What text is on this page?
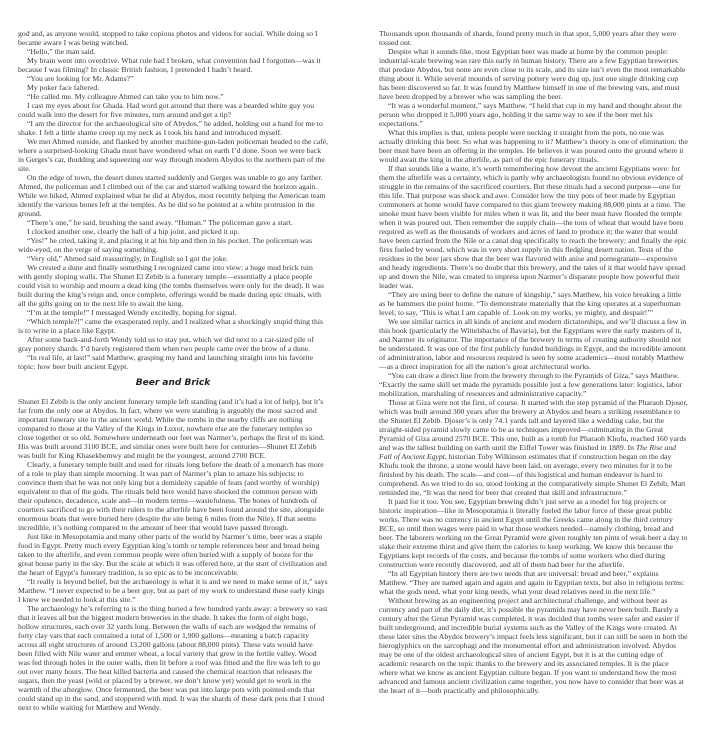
god and, as anyone would, stopped to take copious photos and videos for social. While doing so I became aware I was being watched.

“Hello,” the man said.

My brain went into overdrive. What rule had I broken, what convention had I forgotten—was it because I was filming? In classic British fashion, I pretended I hadn’t heard.

“You are looking for Mr. Adams?”

My poker face faltered.

“He called me. My colleague Ahmed can take you to him now.”

I cast my eyes about for Ghada. Had word got around that there was a bearded white guy you could walk into the desert for five minutes, turn around and get a tip?

“I am the director for the archaeological site of Abydos,” he added, holding out a hand for me to shake. I felt a little shame creep up my neck as I took his hand and introduced myself.

We met Ahmed outside, and flanked by another machine-gun-laden policeman headed to the café, where a surprised-looking Ghada must have wondered what on earth I’d done. Soon we were back in Gerges’s car, thudding and squeezing our way through modern Abydos to the northern part of the site.

On the edge of town, the desert dunes started suddenly and Gerges was unable to go any farther. Ahmed, the policeman and I climbed out of the car and started walking toward the horizon again. While we hiked, Ahmed explained what he did at Abydos, most recently helping the American team identify the various bones left at the temples. As he did so he pointed at a white protrusion in the ground.

“There’s one,” he said, brushing the sand away. “Human.” The policeman gave a start.

I clocked another one, clearly the ball of a hip joint, and picked it up.

“Yes!” he cried, taking it, and placing it at his hip and then in his pocket. The policeman was wide-eyed, on the verge of saying something.

“Very old,” Ahmed said reassuringly, in English so I got the joke.

We crested a dune and finally something I recognized came into view: a huge mud brick ruin with gently sloping walls. The Shunet El Zebib is a funerary temple—essentially a place people could visit to worship and mourn a dead king (the tombs themselves were only for the dead). It was built during the king’s reign and, once complete, offerings would be made during epic rituals, with all the gifts going on to the next life to await the king.

“I’m at the temple!” I messaged Wendy excitedly, hoping for signal.

“Which temple?!” came the exasperated reply, and I realized what a shockingly stupid thing this is to write in a place like Egypt.

After some back-and-forth Wendy told us to stay put, which we did next to a car-sized pile of gray pottery shards. I’d barely registered them when two people came over the brow of a dune.

“In real life, at last!” said Matthew, grasping my hand and launching straight into his favorite topic: how beer built ancient Egypt.

Beer and Brick

Shunet El Zebib is the only ancient funerary temple left standing (and it’s had a lot of help), but it’s far from the only one at Abydos. In fact, where we were standing is arguably the most sacred and important funerary site in the ancient world. While the tombs in the nearby cliffs are nothing compared to those at the Valley of the Kings in Luxor, nowhere else are the funerary temples so close together or so old. Somewhere underneath our feet was Narmer’s, perhaps the first of its kind. His was built around 3100 BCE, and similar ones were built here for centuries—Shunet El Zebib was built for King Khasekhemwy and might be the youngest, around 2700 BCE.

Clearly, a funerary temple built and used for rituals long before the death of a monarch has more of a role to play than simple mourning. It was part of Narmer’s plan to amaze his subjects; to convince them that he was not only king but a demideity capable of feats (and worthy of worship) equivalent to that of the gods. The rituals held here would have shocked the common person with their opulence, decadence, scale and—in modern terms—wastefulness. The bones of hundreds of courtiers sacrificed to go with their rulers to the afterlife have been found around the site, alongside enormous boats that were buried here (despite the site being 6 miles from the Nile). If that seems incredible, it’s nothing compared to the amount of beer that would have passed through.

Just like in Mesopotamia and many other parts of the world by Narmer’s time, beer was a staple food in Egypt. Pretty much every Egyptian king’s tomb or temple references beer and bread being taken to the afterlife, and even common people were often buried with a supply of booze for the great house party in the sky. But the scale at which it was offered here, at the start of civilization and the heart of Egypt’s funerary tradition, is so epic as to be inconceivable.

“It really is beyond belief, but the archaeology is what it is and we need to make sense of it,” says Matthew. “I never expected to be a beer guy, but as part of my work to understand these early kings I knew we needed to look at this site.”

The archaeology he’s referring to is the thing buried a few hundred yards away: a brewery so vast that it leaves all but the biggest modern breweries in the shade. It takes the form of eight huge, hollow structures, each over 32 yards long. Between the walls of each are wedged the remains of forty clay vats that each contained a total of 1,500 or 1,900 gallons—meaning a batch capacity across all eight structures of around 13,200 gallons (about 88,000 pints). These vats would have been filled with Nile water and emmer wheat, a local variety that grew in the fertile valley. Wood was fed through holes in the outer walls, then lit before a roof was fitted and the fire was left to go out over many hours. The heat killed bacteria and caused the chemical reaction that releases the sugars, then the yeast (wild or placed by a brewer, we don’t know yet) would get to work in the warmth of the afterglow. Once fermented, the beer was put into large pots with pointed ends that could stand up in the sand, and stoppered with mud. It was the shards of these dark pots that I stood next to while waiting for Matthew and Wendy.

Thousands upon thousands of shards, found pretty much in that spot, 5,000 years after they were tossed out.

Despite what it sounds like, most Egyptian beer was made at home by the common people: industrial-scale brewing was rare this early in human history. There are a few Egyptian breweries that predate Abydos, but none are even close to its scale, and its size isn’t even the most remarkable thing about it. While several mounds of serving pottery were dug up, just one single drinking cup has been discovered so far. It was found by Matthew himself in one of the brewing vats, and must have been dropped by a brewer who was sampling the beer.

“It was a wonderful moment,” says Matthew. “I held that cup in my hand and thought about the person who dropped it 5,000 years ago, holding it the same way to see if the beer met his expectations.”

What this implies is that, unless people were necking it straight from the pots, no one was actually drinking this beer. So what was happening to it? Matthew’s theory is one of elimination: the beer must have been an offering in the temples. He believes it was poured onto the ground where it would await the king in the afterlife, as part of the epic funerary rituals.

If that sounds like a waste, it’s worth remembering how devout the ancient Egyptians were: for them the afterlife was a certainty, which is partly why archaeologists found no obvious evidence of struggle in the remains of the sacrificed courtiers. But these rituals had a second purpose—one for this life. That purpose was shock and awe. Consider how the tiny pots of beer made by Egyptian commoners at home would have compared to this giant brewery making 88,000 pints at a time. The smoke must have been visible for miles when it was lit, and the beer must have flooded the temple when it was poured out. Then remember the supply chain—the tons of wheat that would have been required as well as the thousands of workers and acres of land to produce it; the water that would have been carried from the Nile or a canal dug specifically to reach the brewery; and finally the epic fires fueled by wood, which was in very short supply in this fledgling desert nation. Tests of the residues in the beer jars show that the beer was flavored with anise and pomegranate—expensive and heady ingredients. There’s no doubt that this brewery, and the tales of it that would have spread up and down the Nile, was created to impress upon Narmer’s disparate people how powerful their leader was.

“They are using beer to define the nature of kingship,” says Matthew, his voice breaking a little as he hammers the point home. “To demonstrate materially that the king operates at a superhuman level; to say, ‘This is what I am capable of. Look on my works, ye mighty, and despair!’”

We see similar tactics in all kinds of ancient and modern dictatorships, and we’ll discuss a few in this book (particularly the Wittelsbachs of Bavaria), but the Egyptians were the early masters of it, and Narmer its originator. The importance of the brewery in terms of creating authority should not be understated. It was one of the first publicly funded buildings in Egypt, and the incredible amount of administration, labor and resources required is seen by some academics—most notably Matthew—as a direct inspiration for all the nation’s great architectural works.

“You can draw a direct line from the brewery through to the Pyramids of Giza,” says Matthew. “Exactly the same skill set made the pyramids possible just a few generations later: logistics, labor mobilization, marshaling of resources and administrative capacity.”

Those at Giza were not the first, of course. It started with the step pyramid of the Pharaoh Djoser, which was built around 300 years after the brewery at Abydos and bears a striking resemblance to the Shunet El Zebib. Djoser’s is only 74.1 yards tall and layered like a wedding cake, but the straight-sided pyramid slowly came to be as techniques improved—culminating in the Great Pyramid of Giza around 2570 BCE. This one, built as a tomb for Pharaoh Khufu, reached 160 yards and was the tallest building on earth until the Eiffel Tower was finished in 1889. In The Rise and Fall of Ancient Egypt, historian Toby Wilkinson estimates that if construction began on the day Khufu took the throne, a stone would have been laid, on average, every two minutes for it to be finished by his death. The scale—and cost—of this logistical and human endeavor is hard to comprehend. As we tried to do so, stood looking at the comparatively simple Shunet El Zebib, Matt reminded me, “It was the need for beer that created that skill and infrastructure.”

It paid for it too. You see, Egyptian brewing didn’t just serve as a model for big projects or historic inspiration—like in Mesopotamia it literally fueled the labor force of these great public works. There was no currency in ancient Egypt until the Greeks came along in the third century BCE, so until then wages were paid in what those workers needed—namely clothing, bread and beer. The laborers working on the Great Pyramid were given roughly ten pints of weak beer a day to slake their extreme thirst and give them the calories to keep working. We know this because the Egyptians kept records of the costs, and because the tombs of some workers who died during construction were recently discovered, and all of them had beer for the afterlife.

“In all Egyptian history there are two needs that are universal: bread and beer,” explains Matthew. “They are named again and again and again in Egyptian texts, but also in religious terms: what the gods need, what your king needs, what your dead relatives need in the next life.”

Without brewing as an engineering project and architectural challenge, and without beer as currency and part of the daily diet, it’s possible the pyramids may have never been built. Barely a century after the Great Pyramid was completed, it was decided that tombs were safer and easier if built underground, and incredible burial systems such as the Valley of the Kings were created. At these later sites the Abydos brewery’s impact feels less significant, but it can still be seen in both the hieroglyphics on the sarcophagi and the monumental effort and administration involved. Abydos may be one of the oldest archaeological sites of ancient Egypt, but it is at the cutting edge of academic research on the topic thanks to the brewery and its associated temples. It is the place where what we know as ancient Egyptian culture began. If you want to understand how the most advanced and famous ancient civilization came together, you now have to consider that beer was at the heart of it—both practically and philosophically.
